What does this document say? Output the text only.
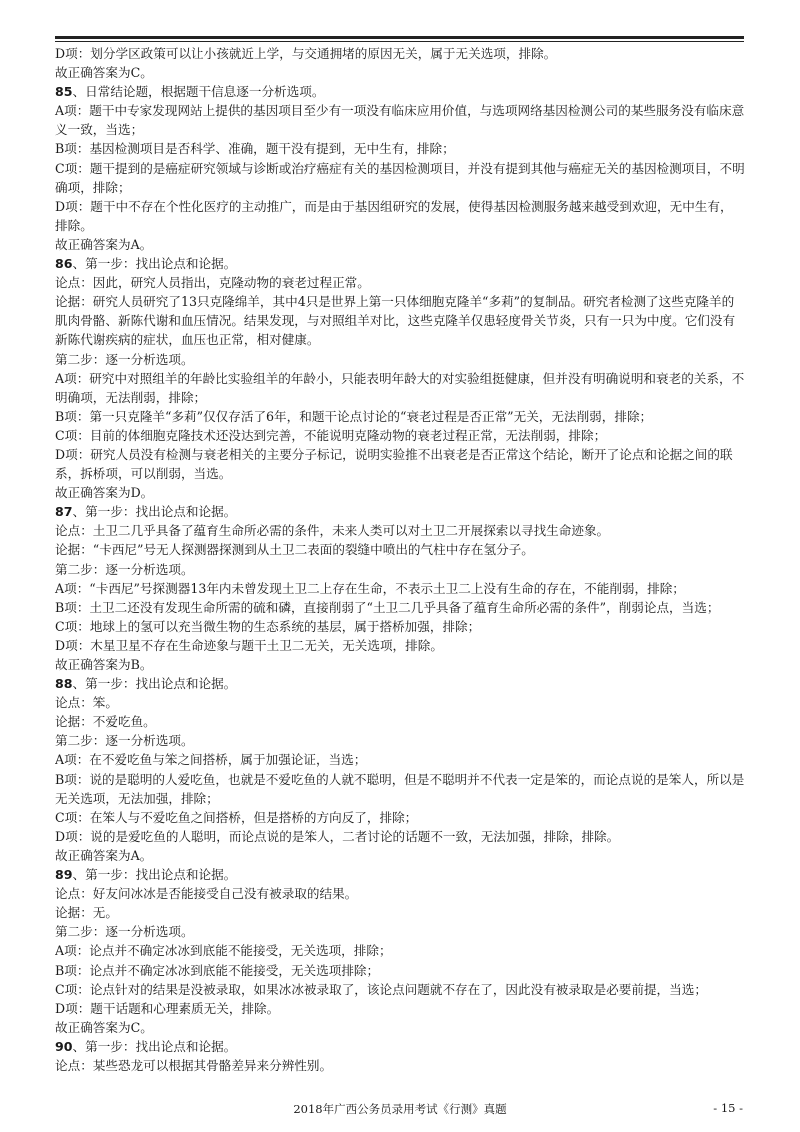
D项：划分学区政策可以让小孩就近上学，与交通拥堵的原因无关，属于无关选项，排除。
故正确答案为C。
85、日常结论题，根据题干信息逐一分析选项。
A项：题干中专家发现网站上提供的基因项目至少有一项没有临床应用价值，与选项网络基因检测公司的某些服务没有临床意义一致，当选；
B项：基因检测项目是否科学、准确，题干没有提到，无中生有，排除；
C项：题干提到的是癌症研究领域与诊断或治疗癌症有关的基因检测项目，并没有提到其他与癌症无关的基因检测项目，不明确项，排除；
D项：题干中不存在个性化医疗的主动推广，而是由于基因组研究的发展，使得基因检测服务越来越受到欢迎，无中生有，排除。
故正确答案为A。
86、第一步：找出论点和论据。
论点：因此，研究人员指出，克隆动物的衰老过程正常。
论据：研究人员研究了13只克隆绵羊，其中4只是世界上第一只体细胞克隆羊“多莉”的复制品。研究者检测了这些克隆羊的肌肉骨骼、新陈代谢和血压情况。结果发现，与对照组羊对比，这些克隆羊仅患轻度骨关节炎，只有一只为中度。它们没有新陈代谢疾病的症状，血压也正常，相对健康。
第二步：逐一分析选项。
A项：研究中对照组羊的年龄比实验组羊的年龄小，只能表明年龄大的对实验组挺健康，但并没有明确说明和衰老的关系，不明确项，无法削弱，排除；
B项：第一只克隆羊“多莉”仅仅存活了6年，和题干论点讨论的“衰老过程是否正常”无关，无法削弱，排除；
C项：目前的体细胞克隆技术还没达到完善，不能说明克隆动物的衰老过程正常，无法削弱，排除；
D项：研究人员没有检测与衰老相关的主要分子标记，说明实验推不出衰老是否正常这个结论，断开了论点和论据之间的联系，拆桥项，可以削弱，当选。
故正确答案为D。
87、第一步：找出论点和论据。
论点：土卫二几乎具备了蕴育生命所必需的条件，未来人类可以对土卫二开展探索以寻找生命迹象。
论据：“卡西尼”号无人探测器探测到从土卫二表面的裂缝中喷出的气柱中存在氢分子。
第二步：逐一分析选项。
A项：“卡西尼”号探测器13年内未曾发现土卫二上存在生命，不表示土卫二上没有生命的存在，不能削弱，排除；
B项：土卫二还没有发现生命所需的硫和磷，直接削弱了“土卫二几乎具备了蕴育生命所必需的条件”，削弱论点，当选；
C项：地球上的氢可以充当微生物的生态系统的基层，属于搭桥加强，排除；
D项：木星卫星不存在生命迹象与题干土卫二无关，无关选项，排除。
故正确答案为B。
88、第一步：找出论点和论据。
论点：笨。
论据：不爱吃鱼。
第二步：逐一分析选项。
A项：在不爱吃鱼与笨之间搭桥，属于加强论证，当选；
B项：说的是聪明的人爱吃鱼，也就是不爱吃鱼的人就不聪明，但是不聪明并不代表一定是笨的，而论点说的是笨人，所以是无关选项，无法加强，排除；
C项：在笨人与不爱吃鱼之间搭桥，但是搭桥的方向反了，排除；
D项：说的是爱吃鱼的人聪明，而论点说的是笨人，二者讨论的话题不一致，无法加强，排除，排除。
故正确答案为A。
89、第一步：找出论点和论据。
论点：好友问冰冰是否能接受自己没有被录取的结果。
论据：无。
第二步：逐一分析选项。
A项：论点并不确定冰冰到底能不能接受，无关选项，排除；
B项：论点并不确定冰冰到底能不能接受，无关选项排除；
C项：论点针对的结果是没被录取，如果冰冰被录取了，该论点问题就不存在了，因此没有被录取是必要前提，当选；
D项：题干话题和心理素质无关，排除。
故正确答案为C。
90、第一步：找出论点和论据。
论点：某些恐龙可以根据其骨骼差异来分辨性别。
2018年广西公务员录用考试《行测》真题	- 15 -
